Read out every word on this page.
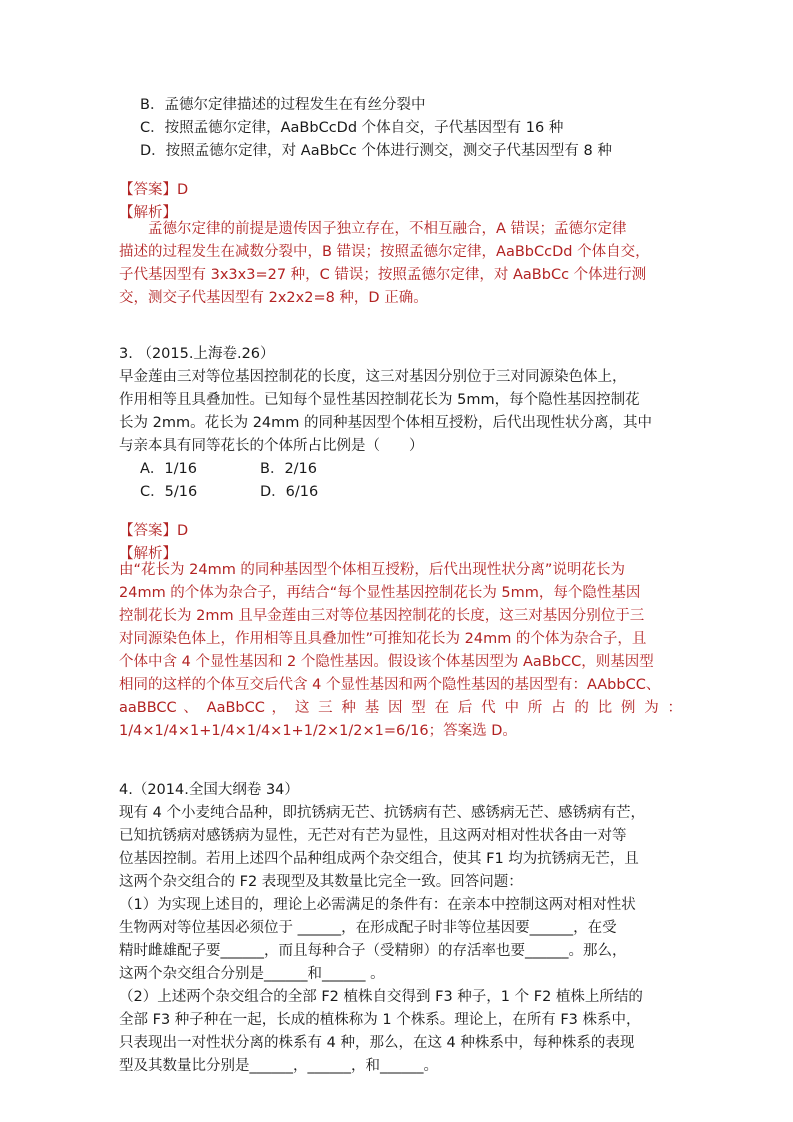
B．孟德尔定律描述的过程发生在有丝分裂中
C．按照孟德尔定律，AaBbCcDd 个体自交，子代基因型有 16 种
D．按照孟德尔定律，对 AaBbCc 个体进行测交，测交子代基因型有 8 种
【答案】D
【解析】
孟德尔定律的前提是遗传因子独立存在，不相互融合，A 错误；孟德尔定律
描述的过程发生在减数分裂中，B 错误；按照孟德尔定律，AaBbCcDd 个体自交，
子代基因型有 3x3x3=27 种，C 错误；按照孟德尔定律，对 AaBbCc 个体进行测
交，测交子代基因型有 2x2x2=8 种，D 正确。
3. （2015.上海卷.26）
早金莲由三对等位基因控制花的长度，这三对基因分别位于三对同源染色体上，
作用相等且具叠加性。已知每个显性基因控制花长为 5mm，每个隐性基因控制花
长为 2mm。花长为 24mm 的同种基因型个体相互授粉，后代出现性状分离，其中
与亲本具有同等花长的个体所占比例是（　　）
A．1/16	B．2/16
C．5/16	D．6/16
【答案】D
【解析】
由“花长为 24mm 的同种基因型个体相互授粉，后代出现性状分离”说明花长为
24mm 的个体为杂合子，再结合“每个显性基因控制花长为 5mm，每个隐性基因
控制花长为 2mm 且早金莲由三对等位基因控制花的长度，这三对基因分别位于三
对同源染色体上，作用相等且具叠加性”可推知花长为 24mm 的个体为杂合子，且
个体中含 4 个显性基因和 2 个隐性基因。假设该个体基因型为 AaBbCC，则基因型
相同的这样的个体互交后代含 4 个显性基因和两个隐性基因的基因型有：AAbbCC、
aaBBCC 、 AaBbCC ， 这 三 种 基 因 型 在 后 代 中 所 占 的 比 例 为 ：
1/4×1/4×1+1/4×1/4×1+1/2×1/2×1=6/16；答案选 D。
4.（2014.全国大纲卷 34）
现有 4 个小麦纯合品种，即抗锈病无芒、抗锈病有芒、感锈病无芒、感锈病有芒，
已知抗锈病对感锈病为显性，无芒对有芒为显性，且这两对相对性状各由一对等
位基因控制。若用上述四个品种组成两个杂交组合，使其 F1 均为抗锈病无芒，且
这两个杂交组合的 F2 表现型及其数量比完全一致。回答问题：
（1）为实现上述目的，理论上必需满足的条件有：在亲本中控制这两对相对性状
生物两对等位基因必须位于 ______，在形成配子时非等位基因要______，在受
精时雌雄配子要______，而且每种合子（受精卵）的存活率也要______。那么，
这两个杂交组合分别是______和______ 。
（2）上述两个杂交组合的全部 F2 植株自交得到 F3 种子，1 个 F2 植株上所结的
全部 F3 种子种在一起，长成的植株称为 1 个株系。理论上，在所有 F3 株系中，
只表现出一对性状分离的株系有 4 种，那么，在这 4 种株系中，每种株系的表现
型及其数量比分别是______，______，和______。
